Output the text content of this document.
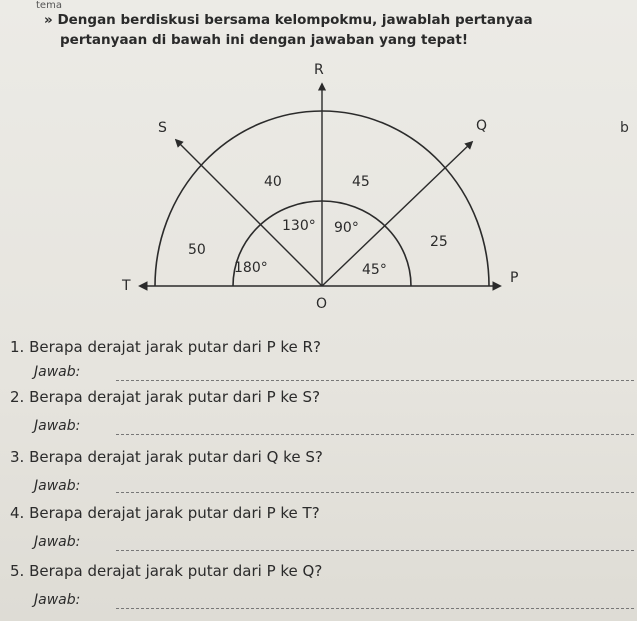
tema
» Dengan berdiskusi bersama kelompokmu, jawablah pertanyaa
pertanyaan di bawah ini dengan jawaban yang tepat!
R
S	Q
T	P
O
40	45
50	25
130° 90°
180°	45°
b
1. Berapa derajat jarak putar dari P ke R?
Jawab:
2. Berapa derajat jarak putar dari P ke S?
Jawab:
3. Berapa derajat jarak putar dari Q ke S?
Jawab:
4. Berapa derajat jarak putar dari P ke T?
Jawab:
5. Berapa derajat jarak putar dari P ke Q?
Jawab:
